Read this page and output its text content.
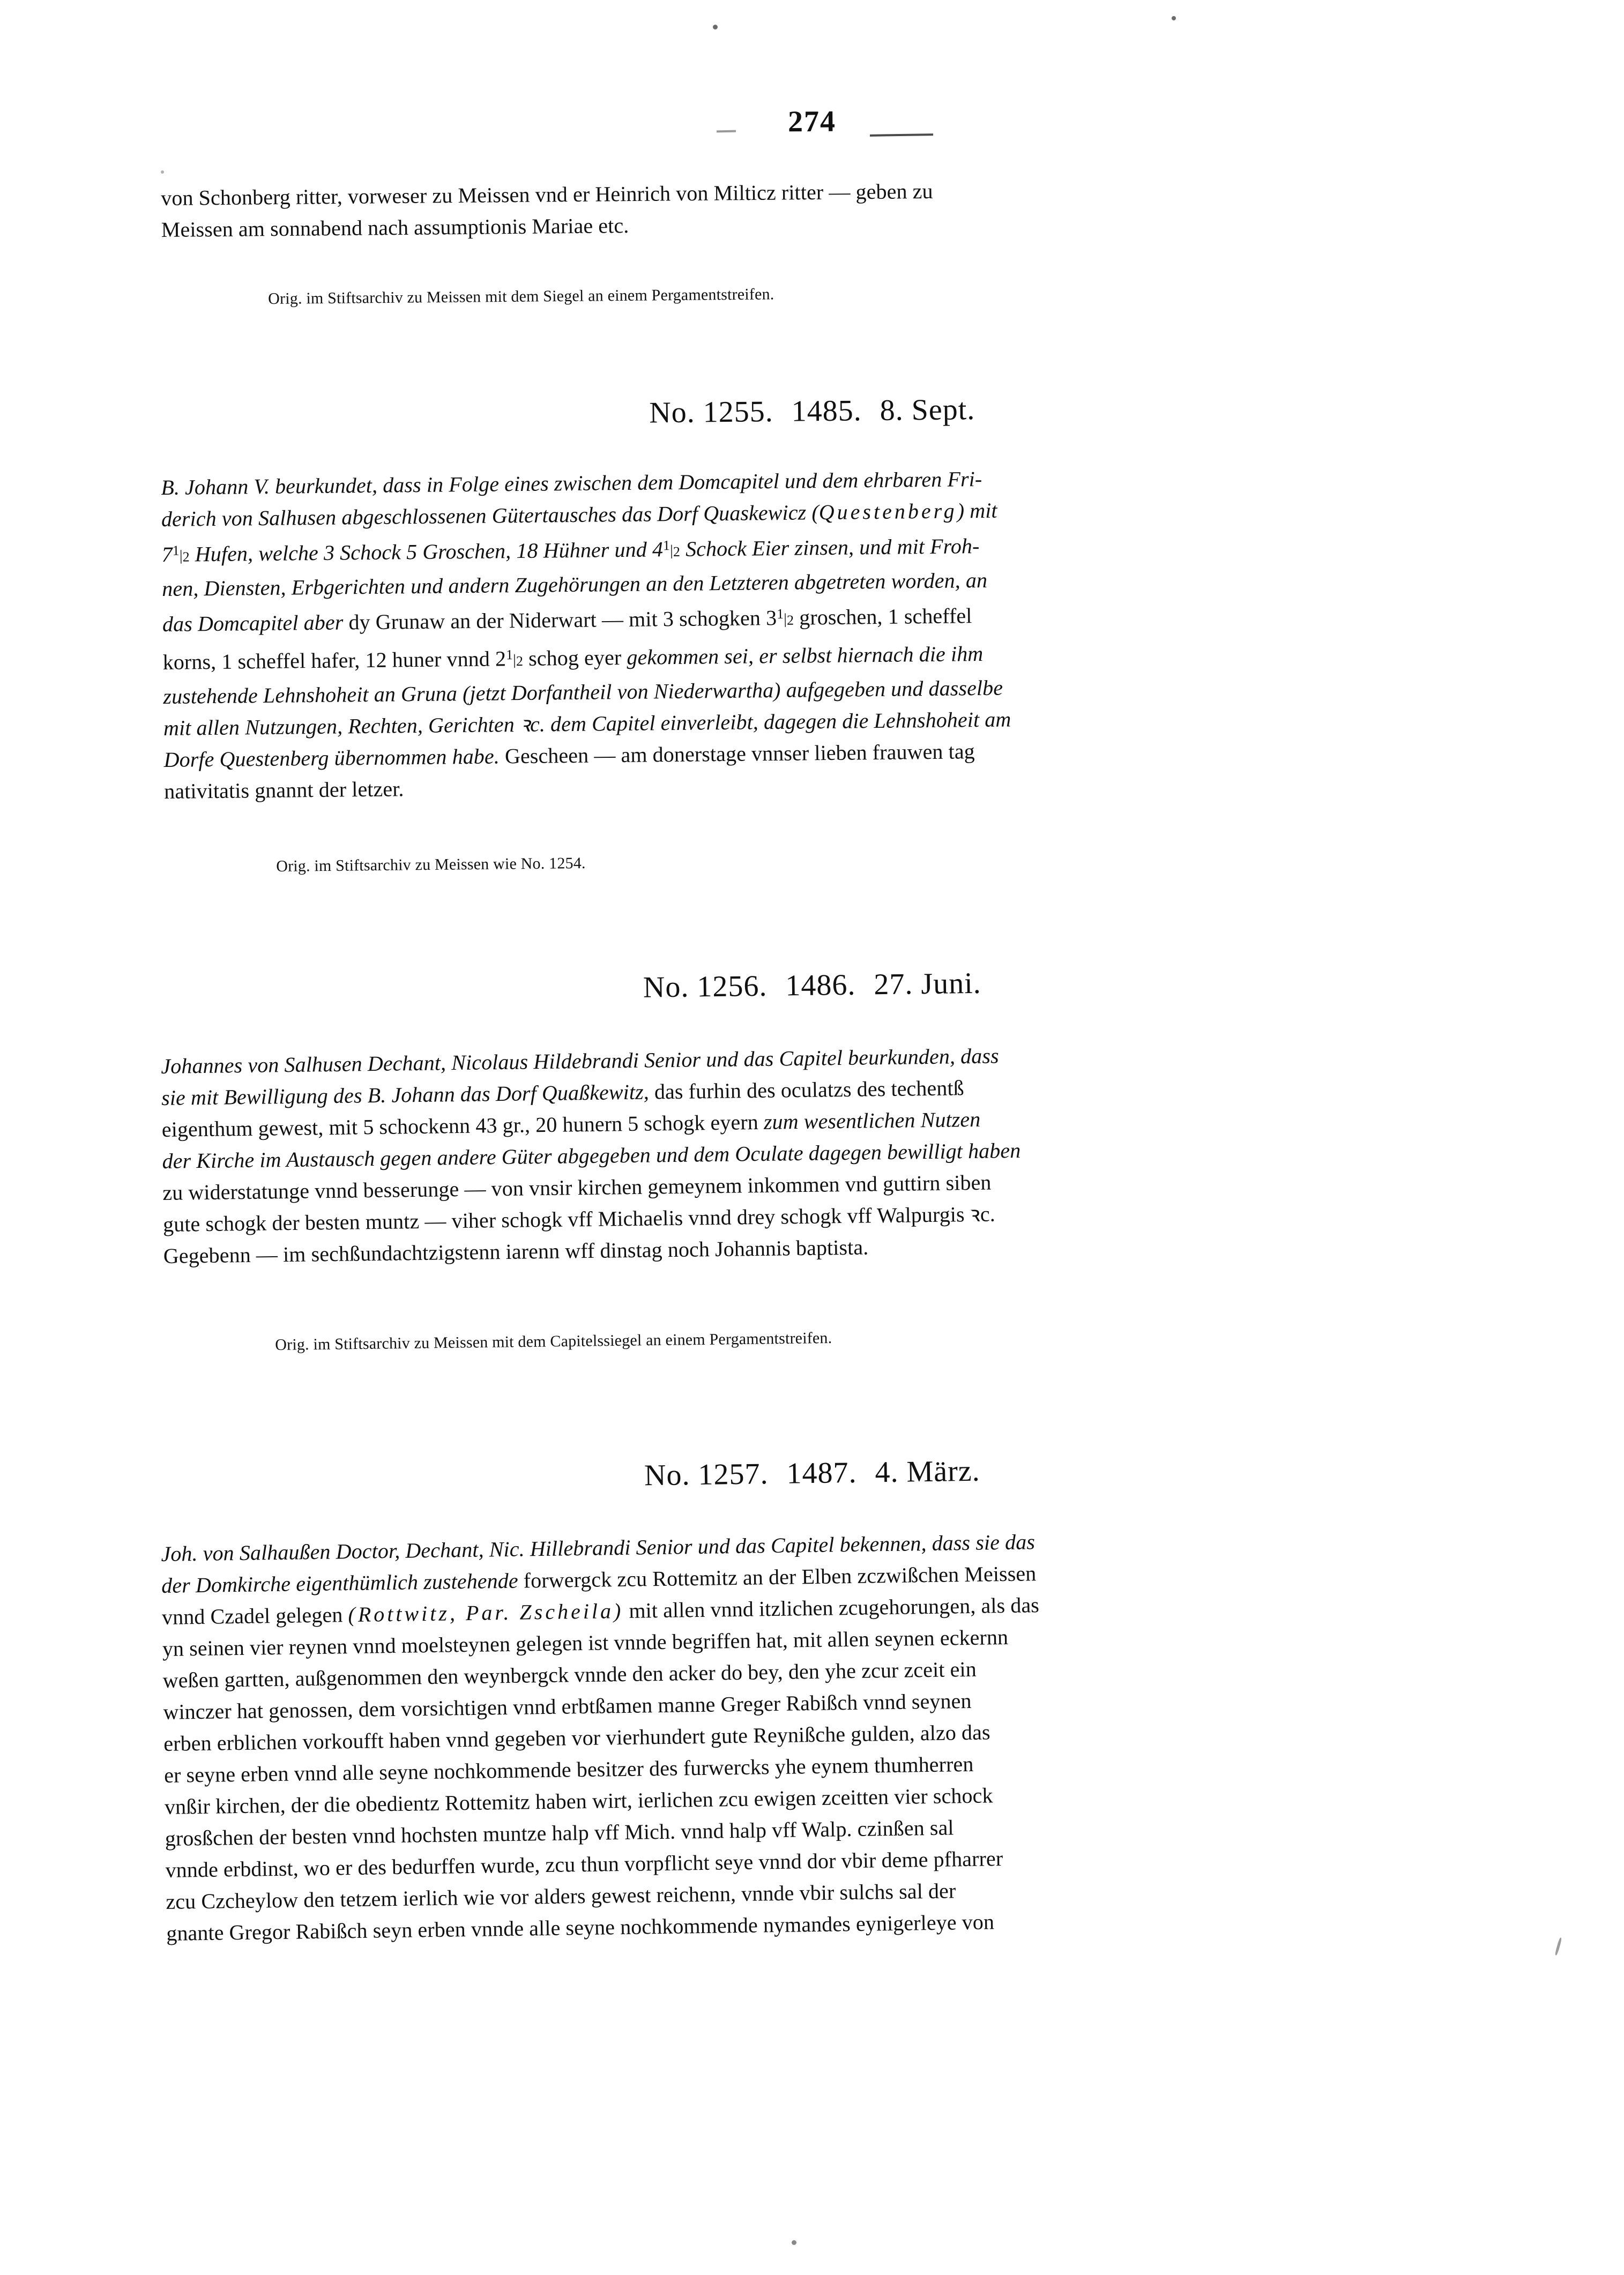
274
von Schonberg ritter, vorweser zu Meissen vnd er Heinrich von Milticz ritter — geben zu
Meissen am sonnabend nach assumptionis Mariae etc.
Orig. im Stiftsarchiv zu Meissen mit dem Siegel an einem Pergamentstreifen.
No. 1255. 1485. 8. Sept.
B. Johann V. beurkundet, dass in Folge eines zwischen dem Domcapitel und dem ehrbaren Fri-
derich von Salhusen abgeschlossenen Gütertausches das Dorf Quaskewicz (Questenberg) mit
$7^1|_2$ Hufen, welche 3 Schock 5 Groschen, 18 Hühner und $4^1|_2$ Schock Eier zinsen, und mit Froh-
nen, Diensten, Erbgerichten und andern Zugehörungen an den Letzteren abgetreten worden, an
das Domcapitel aber dy Grunaw an der Niderwart — mit 3 schogken $3^1|_2$ groschen, 1 scheffel
korns, 1 scheffel hafer, 12 huner vnnd $2^1|_2$ schog eyer gekommen sei, er selbst hiernach die ihm
zustehende Lehnshoheit an Gruna (jetzt Dorfantheil von Niederwartha) aufgegeben und dasselbe
mit allen Nutzungen, Rechten, Gerichten ꝛc. dem Capitel einverleibt, dagegen die Lehnshoheit am
Dorfe Questenberg übernommen habe. Gescheen — am donerstage vnnser lieben frauwen tag
nativitatis gnannt der letzer.
Orig. im Stiftsarchiv zu Meissen wie No. 1254.
No. 1256. 1486. 27. Juni.
Johannes von Salhusen Dechant, Nicolaus Hildebrandi Senior und das Capitel beurkunden, dass
sie mit Bewilligung des B. Johann das Dorf Quaßkewitz, das furhin des oculatzs des techentß
eigenthum gewest, mit 5 schockenn 43 gr., 20 hunern 5 schogk eyern zum wesentlichen Nutzen
der Kirche im Austausch gegen andere Güter abgegeben und dem Oculate dagegen bewilligt haben
zu widerstatunge vnnd besserunge — von vnsir kirchen gemeynem inkommen vnd guttirn siben
gute schogk der besten muntz — viher schogk vff Michaelis vnnd drey schogk vff Walpurgis ꝛc.
Gegebenn — im sechßundachtzigstenn iarenn wff dinstag noch Johannis baptista.
Orig. im Stiftsarchiv zu Meissen mit dem Capitelssiegel an einem Pergamentstreifen.
No. 1257. 1487. 4. März.
Joh. von Salhaußen Doctor, Dechant, Nic. Hillebrandi Senior und das Capitel bekennen, dass sie das
der Domkirche eigenthümlich zustehende forwergck zcu Rottemitz an der Elben zczwißchen Meissen
vnnd Czadel gelegen (Rottwitz, Par. Zscheila) mit allen vnnd itzlichen zcugehorungen, als das
yn seinen vier reynen vnnd moelsteynen gelegen ist vnnde begriffen hat, mit allen seynen eckernn
weßen gartten, außgenommen den weynbergck vnnde den acker do bey, den yhe zcur zceit ein
winczer hat genossen, dem vorsichtigen vnnd erbtßamen manne Greger Rabißch vnnd seynen
erben erblichen vorkoufft haben vnnd gegeben vor vierhundert gute Reynißche gulden, alzo das
er seyne erben vnnd alle seyne nochkommende besitzer des furwercks yhe eynem thumherren
vnßir kirchen, der die obedientz Rottemitz haben wirt, ierlichen zcu ewigen zceitten vier schock
grosßchen der besten vnnd hochsten muntze halp vff Mich. vnnd halp vff Walp. czinßen sal
vnnde erbdinst, wo er des bedurffen wurde, zcu thun vorpflicht seye vnnd dor vbir deme pfharrer
zcu Czcheylow den tetzem ierlich wie vor alders gewest reichenn, vnnde vbir sulchs sal der
gnante Gregor Rabißch seyn erben vnnde alle seyne nochkommende nymandes eynigerleye von
